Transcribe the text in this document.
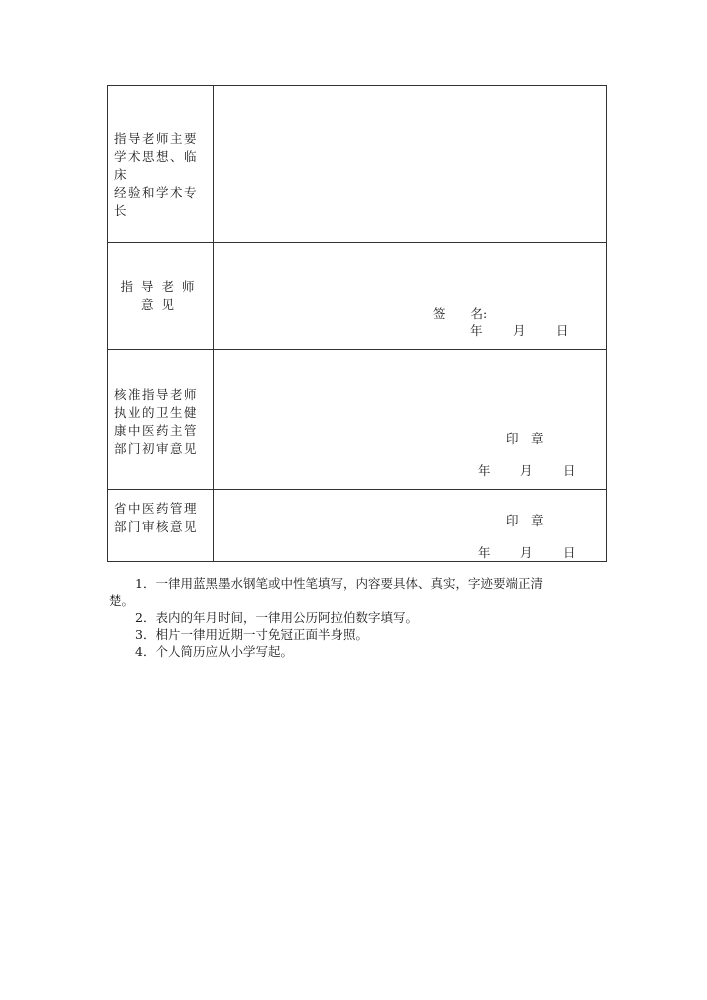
指导老师主要
学术思想、临床
经验和学术专
长	

指导老师
意见	签　　名:
年 月 日

核准指导老师
执业的卫生健
康中医药主管
部门初审意见	印　章
年 月 日

省中医药管理
部门审核意见	印　章
年 月 日
1．一律用蓝黑墨水钢笔或中性笔填写，内容要具体、真实，字迹要端正清
楚。
2．表内的年月时间，一律用公历阿拉伯数字填写。
3．相片一律用近期一寸免冠正面半身照。
4．个人简历应从小学写起。
